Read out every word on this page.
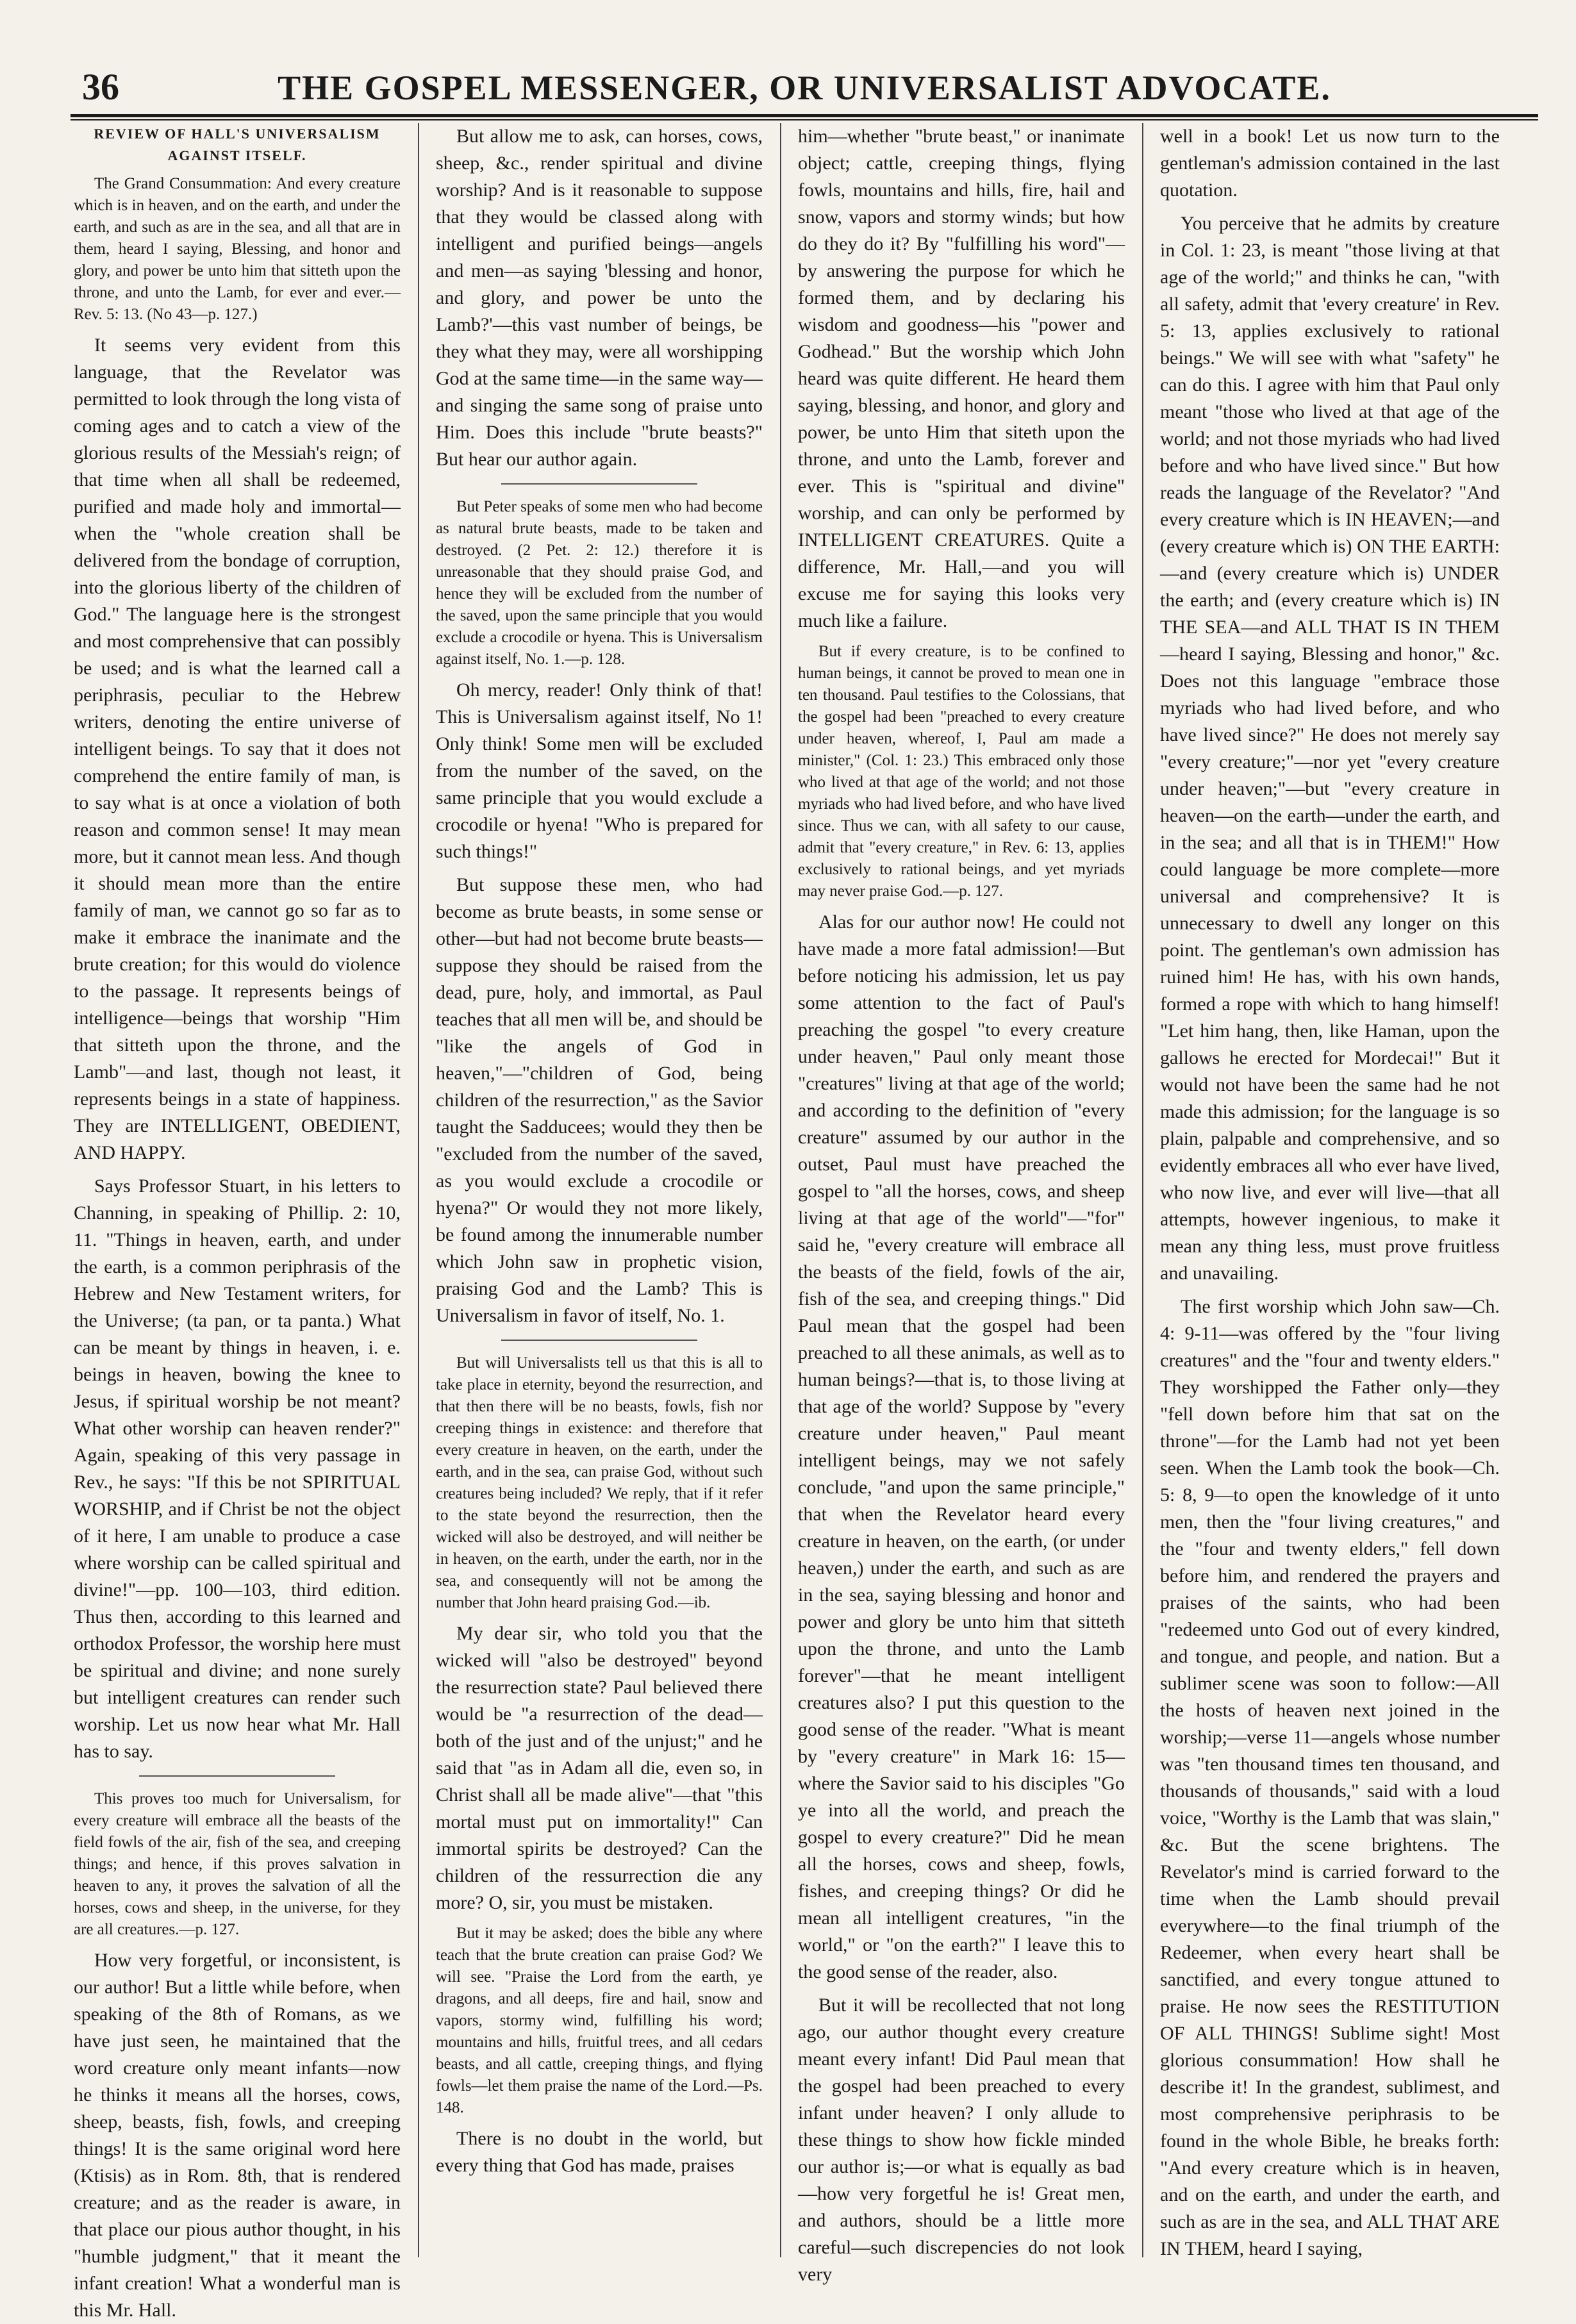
36	THE GOSPEL MESSENGER, OR UNIVERSALIST ADVOCATE.
REVIEW OF HALL'S UNIVERSALISM AGAINST ITSELF.

The Grand Consummation: And every creature which is in heaven, and on the earth, and under the earth, and such as are in the sea, and all that are in them, heard I saying, Blessing, and honor and glory, and power be unto him that sitteth upon the throne, and unto the Lamb, for ever and ever.—Rev. 5: 13. (No 43—p. 127.)

It seems very evident from this language, that the Revelator was permitted to look through the long vista of coming ages and to catch a view of the glorious results of the Messiah's reign; of that time when all shall be redeemed, purified and made holy and immortal—when the "whole creation shall be delivered from the bondage of corruption, into the glorious liberty of the children of God." The language here is the strongest and most comprehensive that can possibly be used; and is what the learned call a periphrasis, peculiar to the Hebrew writers, denoting the entire universe of intelligent beings. To say that it does not comprehend the entire family of man, is to say what is at once a violation of both reason and common sense! It may mean more, but it cannot mean less. And though it should mean more than the entire family of man, we cannot go so far as to make it embrace the inanimate and the brute creation; for this would do violence to the passage. It represents beings of intelligence—beings that worship "Him that sitteth upon the throne, and the Lamb"—and last, though not least, it represents beings in a state of happiness. They are INTELLIGENT, OBEDIENT, AND HAPPY.

Says Professor Stuart, in his letters to Channing, in speaking of Phillip. 2: 10, 11. "Things in heaven, earth, and under the earth, is a common periphrasis of the Hebrew and New Testament writers, for the Universe; (ta pan, or ta panta.) What can be meant by things in heaven, i. e. beings in heaven, bowing the knee to Jesus, if spiritual worship be not meant? What other worship can heaven render?" Again, speaking of this very passage in Rev., he says: "If this be not SPIRITUAL WORSHIP, and if Christ be not the object of it here, I am unable to produce a case where worship can be called spiritual and divine!"—pp. 100—103, third edition. Thus then, according to this learned and orthodox Professor, the worship here must be spiritual and divine; and none surely but intelligent creatures can render such worship. Let us now hear what Mr. Hall has to say.

This proves too much for Universalism, for every creature will embrace all the beasts of the field fowls of the air, fish of the sea, and creeping things; and hence, if this proves salvation in heaven to any, it proves the salvation of all the horses, cows and sheep, in the universe, for they are all creatures.—p. 127.

How very forgetful, or inconsistent, is our author! But a little while before, when speaking of the 8th of Romans, as we have just seen, he maintained that the word creature only meant infants—now he thinks it means all the horses, cows, sheep, beasts, fish, fowls, and creeping things! It is the same original word here (Ktisis) as in Rom. 8th, that is rendered creature; and as the reader is aware, in that place our pious author thought, in his "humble judgment," that it meant the infant creation! What a wonderful man is this Mr. Hall.

But allow me to ask, can horses, cows, sheep, &c., render spiritual and divine worship? And is it reasonable to suppose that they would be classed along with intelligent and purified beings—angels and men—as saying 'blessing and honor, and glory, and power be unto the Lamb?'—this vast number of beings, be they what they may, were all worshipping God at the same time—in the same way—and singing the same song of praise unto Him. Does this include "brute beasts?" But hear our author again.

But Peter speaks of some men who had become as natural brute beasts, made to be taken and destroyed. (2 Pet. 2: 12.) therefore it is unreasonable that they should praise God, and hence they will be excluded from the number of the saved, upon the same principle that you would exclude a crocodile or hyena. This is Universalism against itself, No. 1.—p. 128.

Oh mercy, reader! Only think of that! This is Universalism against itself, No 1! Only think! Some men will be excluded from the number of the saved, on the same principle that you would exclude a crocodile or hyena! "Who is prepared for such things!"

But suppose these men, who had become as brute beasts, in some sense or other—but had not become brute beasts—suppose they should be raised from the dead, pure, holy, and immortal, as Paul teaches that all men will be, and should be "like the angels of God in heaven,"—"children of God, being children of the resurrection," as the Savior taught the Sadducees; would they then be "excluded from the number of the saved, as you would exclude a crocodile or hyena?" Or would they not more likely, be found among the innumerable number which John saw in prophetic vision, praising God and the Lamb? This is Universalism in favor of itself, No. 1.

But will Universalists tell us that this is all to take place in eternity, beyond the resurrection, and that then there will be no beasts, fowls, fish nor creeping things in existence: and therefore that every creature in heaven, on the earth, under the earth, and in the sea, can praise God, without such creatures being included? We reply, that if it refer to the state beyond the resurrection, then the wicked will also be destroyed, and will neither be in heaven, on the earth, under the earth, nor in the sea, and consequently will not be among the number that John heard praising God.—ib.

My dear sir, who told you that the wicked will "also be destroyed" beyond the resurrection state? Paul believed there would be "a resurrection of the dead—both of the just and of the unjust;" and he said that "as in Adam all die, even so, in Christ shall all be made alive"—that "this mortal must put on immortality!" Can immortal spirits be destroyed? Can the children of the ressurrection die any more? O, sir, you must be mistaken.

But it may be asked; does the bible any where teach that the brute creation can praise God? We will see. "Praise the Lord from the earth, ye dragons, and all deeps, fire and hail, snow and vapors, stormy wind, fulfilling his word; mountains and hills, fruitful trees, and all cedars beasts, and all cattle, creeping things, and flying fowls—let them praise the name of the Lord.—Ps. 148.

There is no doubt in the world, but every thing that God has made, praises

him—whether "brute beast," or inanimate object; cattle, creeping things, flying fowls, mountains and hills, fire, hail and snow, vapors and stormy winds; but how do they do it? By "fulfilling his word"—by answering the purpose for which he formed them, and by declaring his wisdom and goodness—his "power and Godhead." But the worship which John heard was quite different. He heard them saying, blessing, and honor, and glory and power, be unto Him that siteth upon the throne, and unto the Lamb, forever and ever. This is "spiritual and divine" worship, and can only be performed by INTELLIGENT CREATURES. Quite a difference, Mr. Hall,—and you will excuse me for saying this looks very much like a failure.

But if every creature, is to be confined to human beings, it cannot be proved to mean one in ten thousand. Paul testifies to the Colossians, that the gospel had been "preached to every creature under heaven, whereof, I, Paul am made a minister," (Col. 1: 23.) This embraced only those who lived at that age of the world; and not those myriads who had lived before, and who have lived since. Thus we can, with all safety to our cause, admit that "every creature," in Rev. 6: 13, applies exclusively to rational beings, and yet myriads may never praise God.—p. 127.

Alas for our author now! He could not have made a more fatal admission!—But before noticing his admission, let us pay some attention to the fact of Paul's preaching the gospel "to every creature under heaven," Paul only meant those "creatures" living at that age of the world; and according to the definition of "every creature" assumed by our author in the outset, Paul must have preached the gospel to "all the horses, cows, and sheep living at that age of the world"—"for" said he, "every creature will embrace all the beasts of the field, fowls of the air, fish of the sea, and creeping things." Did Paul mean that the gospel had been preached to all these animals, as well as to human beings?—that is, to those living at that age of the world? Suppose by "every creature under heaven," Paul meant intelligent beings, may we not safely conclude, "and upon the same principle," that when the Revelator heard every creature in heaven, on the earth, (or under heaven,) under the earth, and such as are in the sea, saying blessing and honor and power and glory be unto him that sitteth upon the throne, and unto the Lamb forever"—that he meant intelligent creatures also? I put this question to the good sense of the reader. "What is meant by "every creature" in Mark 16: 15—where the Savior said to his disciples "Go ye into all the world, and preach the gospel to every creature?" Did he mean all the horses, cows and sheep, fowls, fishes, and creeping things? Or did he mean all intelligent creatures, "in the world," or "on the earth?" I leave this to the good sense of the reader, also.

But it will be recollected that not long ago, our author thought every creature meant every infant! Did Paul mean that the gospel had been preached to every infant under heaven? I only allude to these things to show how fickle minded our author is;—or what is equally as bad —how very forgetful he is! Great men, and authors, should be a little more careful—such discrepencies do not look very

well in a book! Let us now turn to the gentleman's admission contained in the last quotation.

You perceive that he admits by creature in Col. 1: 23, is meant "those living at that age of the world;" and thinks he can, "with all safety, admit that 'every creature' in Rev. 5: 13, applies exclusively to rational beings." We will see with what "safety" he can do this. I agree with him that Paul only meant "those who lived at that age of the world; and not those myriads who had lived before and who have lived since." But how reads the language of the Revelator? "And every creature which is IN HEAVEN;—and (every creature which is) ON THE EARTH:—and (every creature which is) UNDER the earth; and (every creature which is) IN THE SEA—and ALL THAT IS IN THEM—heard I saying, Blessing and honor," &c. Does not this language "embrace those myriads who had lived before, and who have lived since?" He does not merely say "every creature;"—nor yet "every creature under heaven;"—but "every creature in heaven—on the earth—under the earth, and in the sea; and all that is in THEM!" How could language be more complete—more universal and comprehensive? It is unnecessary to dwell any longer on this point. The gentleman's own admission has ruined him! He has, with his own hands, formed a rope with which to hang himself! "Let him hang, then, like Haman, upon the gallows he erected for Mordecai!" But it would not have been the same had he not made this admission; for the language is so plain, palpable and comprehensive, and so evidently embraces all who ever have lived, who now live, and ever will live—that all attempts, however ingenious, to make it mean any thing less, must prove fruitless and unavailing.

The first worship which John saw—Ch. 4: 9-11—was offered by the "four living creatures" and the "four and twenty elders." They worshipped the Father only—they "fell down before him that sat on the throne"—for the Lamb had not yet been seen. When the Lamb took the book—Ch. 5: 8, 9—to open the knowledge of it unto men, then the "four living creatures," and the "four and twenty elders," fell down before him, and rendered the prayers and praises of the saints, who had been "redeemed unto God out of every kindred, and tongue, and people, and nation. But a sublimer scene was soon to follow:—All the hosts of heaven next joined in the worship;—verse 11—angels whose number was "ten thousand times ten thousand, and thousands of thousands," said with a loud voice, "Worthy is the Lamb that was slain," &c. But the scene brightens. The Revelator's mind is carried forward to the time when the Lamb should prevail everywhere—to the final triumph of the Redeemer, when every heart shall be sanctified, and every tongue attuned to praise. He now sees the RESTITUTION OF ALL THINGS! Sublime sight! Most glorious consummation! How shall he describe it! In the grandest, sublimest, and most comprehensive periphrasis to be found in the whole Bible, he breaks forth: "And every creature which is in heaven, and on the earth, and under the earth, and such as are in the sea, and ALL THAT ARE IN THEM, heard I saying,
